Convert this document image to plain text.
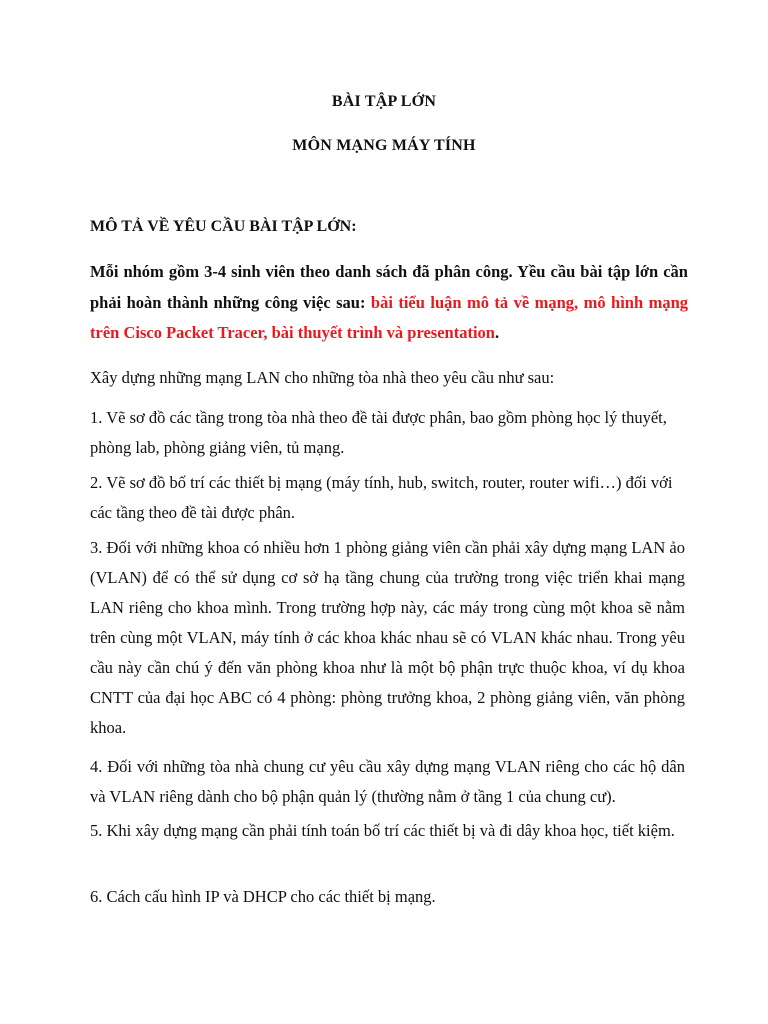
BÀI TẬP LỚN
MÔN MẠNG MÁY TÍNH
MÔ TẢ VỀ YÊU CẦU BÀI TẬP LỚN:
Mỗi nhóm gồm 3-4 sinh viên theo danh sách đã phân công. Yều cầu bài tập lớn cần phải hoàn thành những công việc sau: bài tiểu luận mô tả về mạng, mô hình mạng trên Cisco Packet Tracer, bài thuyết trình và presentation.
Xây dựng những mạng LAN cho những tòa nhà theo yêu cầu như sau:
1. Vẽ sơ đồ các tầng trong tòa nhà theo đề tài được phân, bao gồm phòng học lý thuyết, phòng lab, phòng giảng viên, tủ mạng.
2. Vẽ sơ đồ bố trí các thiết bị mạng (máy tính, hub, switch, router, router wifi…) đối với các tầng theo đề tài được phân.
3. Đối với những khoa có nhiều hơn 1 phòng giảng viên cần phải xây dựng mạng LAN ảo (VLAN) để có thể sử dụng cơ sở hạ tầng chung của trường trong việc triển khai mạng LAN riêng cho khoa mình. Trong trường hợp này, các máy trong cùng một khoa sẽ nằm trên cùng một VLAN, máy tính ở các khoa khác nhau sẽ có VLAN khác nhau. Trong yêu cầu này cần chú ý đến văn phòng khoa như là một bộ phận trực thuộc khoa, ví dụ khoa CNTT của đại học ABC có 4 phòng: phòng trưởng khoa, 2 phòng giảng viên, văn phòng khoa.
4. Đối với những tòa nhà chung cư yêu cầu xây dựng mạng VLAN riêng cho các hộ dân và VLAN riêng dành cho bộ phận quản lý (thường nằm ở tầng 1 của chung cư).
5. Khi xây dựng mạng cần phải tính toán bố trí các thiết bị và đi dây khoa học, tiết kiệm.
6. Cách cấu hình IP và DHCP cho các thiết bị mạng.
